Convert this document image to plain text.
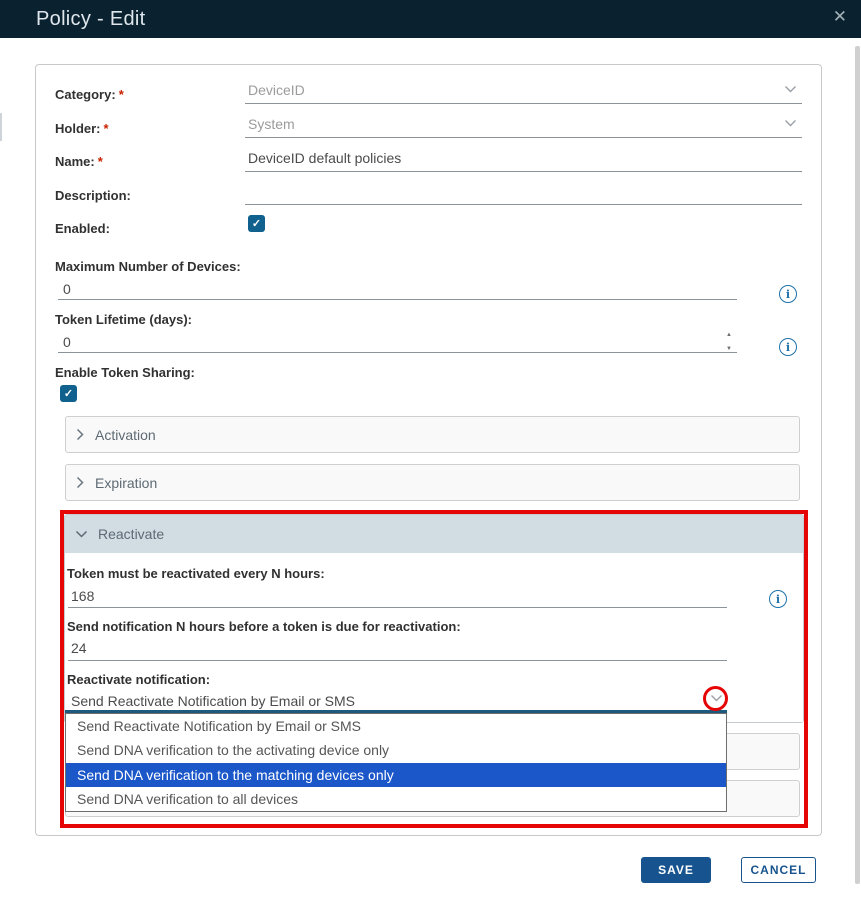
Policy - Edit	✕
Category: *	DeviceID
Holder: *	System
Name: *	DeviceID default policies
Description:
Enabled:	✓
Maximum Number of Devices:
0	i
Token Lifetime (days):
0	▲
▼	i
Enable Token Sharing:
✓
Activation
Expiration
Reactivate
Token must be reactivated every N hours:
168	i
Send notification N hours before a token is due for reactivation:
24
Reactivate notification:
Send Reactivate Notification by Email or SMS
Send Reactivate Notification by Email or SMS
Send DNA verification to the activating device only
Send DNA verification to the matching devices only
Send DNA verification to all devices
SAVE	CANCEL
